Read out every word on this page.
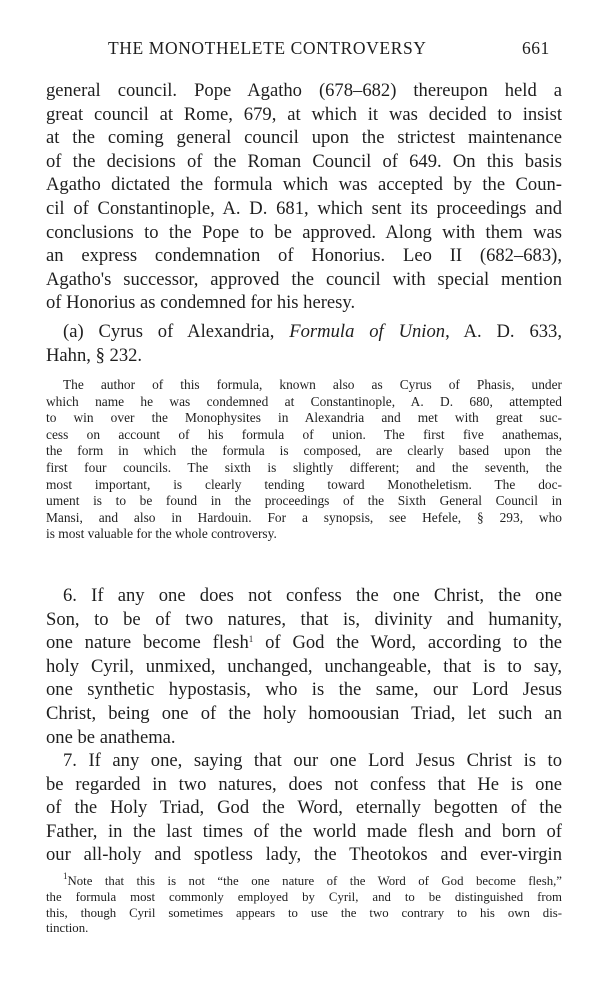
THE MONOTHELETE CONTROVERSY	661
general council. Pope Agatho (678–682) thereupon held a
great council at Rome, 679, at which it was decided to insist
at the coming general council upon the strictest maintenance
of the decisions of the Roman Council of 649. On this basis
Agatho dictated the formula which was accepted by the Coun-
cil of Constantinople, A. D. 681, which sent its proceedings and
conclusions to the Pope to be approved. Along with them was
an express condemnation of Honorius. Leo II (682–683),
Agatho's successor, approved the council with special mention
of Honorius as condemned for his heresy.
(a) Cyrus of Alexandria, Formula of Union, A. D. 633,
Hahn, § 232.
The author of this formula, known also as Cyrus of Phasis, under
which name he was condemned at Constantinople, A. D. 680, attempted
to win over the Monophysites in Alexandria and met with great suc-
cess on account of his formula of union. The first five anathemas,
the form in which the formula is composed, are clearly based upon the
first four councils. The sixth is slightly different; and the seventh, the
most important, is clearly tending toward Monotheletism. The doc-
ument is to be found in the proceedings of the Sixth General Council in
Mansi, and also in Hardouin. For a synopsis, see Hefele, § 293, who
is most valuable for the whole controversy.
6. If any one does not confess the one Christ, the one
Son, to be of two natures, that is, divinity and humanity,
one nature become flesh$^1$ of God the Word, according to the
holy Cyril, unmixed, unchanged, unchangeable, that is to say,
one synthetic hypostasis, who is the same, our Lord Jesus
Christ, being one of the holy homoousian Triad, let such an
one be anathema.
7. If any one, saying that our one Lord Jesus Christ is to
be regarded in two natures, does not confess that He is one
of the Holy Triad, God the Word, eternally begotten of the
Father, in the last times of the world made flesh and born of
our all-holy and spotless lady, the Theotokos and ever-virgin
$^1$Note that this is not “the one nature of the Word of God become flesh,”
the formula most commonly employed by Cyril, and to be distinguished from
this, though Cyril sometimes appears to use the two contrary to his own dis-
tinction.
